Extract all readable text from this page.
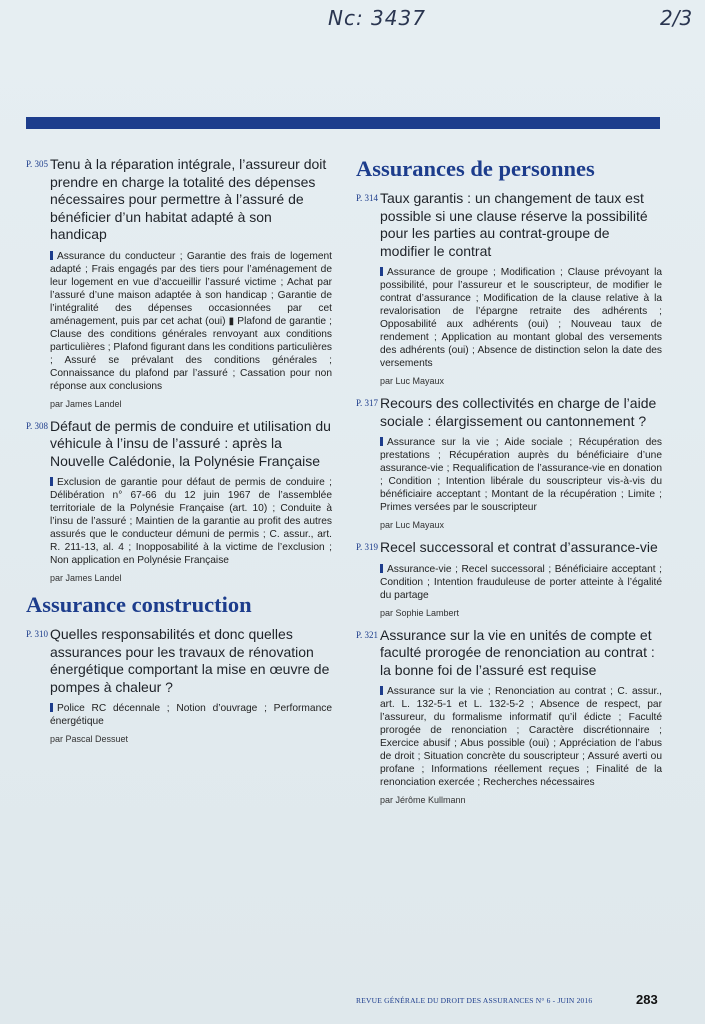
Nc: 3437	2/3
P. 305 Tenu à la réparation intégrale, l’assureur doit prendre en charge la totalité des dépenses nécessaires pour permettre à l’assuré de bénéficier d’un habitat adapté à son handicap
Assurance du conducteur ; Garantie des frais de logement adapté ; Frais engagés par des tiers pour l’aménagement de leur logement en vue d’accueillir l’assuré victime ; Achat par l’assuré d’une maison adaptée à son handicap ; Garantie de l’intégralité des dépenses occasionnées par cet aménagement, puis par cet achat (oui) ▮ Plafond de garantie ; Clause des conditions générales renvoyant aux conditions particulières ; Plafond figurant dans les conditions particulières ; Assuré se prévalant des conditions générales ; Connaissance du plafond par l’assuré ; Cassation pour non réponse aux conclusions
par James Landel
P. 308 Défaut de permis de conduire et utilisation du véhicule à l’insu de l’assuré : après la Nouvelle Calédonie, la Polynésie Française
Exclusion de garantie pour défaut de permis de conduire ; Délibération n° 67-66 du 12 juin 1967 de l’assemblée territoriale de la Polynésie Française (art. 10) ; Conduite à l’insu de l’assuré ; Maintien de la garantie au profit des autres assurés que le conducteur démuni de permis ; C. assur., art. R. 211-13, al. 4 ; Inopposabilité à la victime de l’exclusion ; Non application en Polynésie Française
par James Landel
Assurance construction
P. 310 Quelles responsabilités et donc quelles assurances pour les travaux de rénovation énergétique comportant la mise en œuvre de pompes à chaleur ?
Police RC décennale ; Notion d’ouvrage ; Performance énergétique
par Pascal Dessuet
Assurances de personnes
P. 314 Taux garantis : un changement de taux est possible si une clause réserve la possibilité pour les parties au contrat-groupe de modifier le contrat
Assurance de groupe ; Modification ; Clause prévoyant la possibilité, pour l’assureur et le souscripteur, de modifier le contrat d’assurance ; Modification de la clause relative à la revalorisation de l’épargne retraite des adhérents ; Opposabilité aux adhérents (oui) ; Nouveau taux de rendement ; Application au montant global des versements des adhérents (oui) ; Absence de distinction selon la date des versements
par Luc Mayaux
P. 317 Recours des collectivités en charge de l’aide sociale : élargissement ou cantonnement ?
Assurance sur la vie ; Aide sociale ; Récupération des prestations ; Récupération auprès du bénéficiaire d’une assurance-vie ; Requalification de l’assurance-vie en donation ; Condition ; Intention libérale du souscripteur vis-à-vis du bénéficiaire acceptant ; Montant de la récupération ; Limite ; Primes versées par le souscripteur
par Luc Mayaux
P. 319 Recel successoral et contrat d’assurance-vie
Assurance-vie ; Recel successoral ; Bénéficiaire acceptant ; Condition ; Intention frauduleuse de porter atteinte à l’égalité du partage
par Sophie Lambert
P. 321 Assurance sur la vie en unités de compte et faculté prorogée de renonciation au contrat : la bonne foi de l’assuré est requise
Assurance sur la vie ; Renonciation au contrat ; C. assur., art. L. 132-5-1 et L. 132-5-2 ; Absence de respect, par l’assureur, du formalisme informatif qu’il édicte ; Faculté prorogée de renonciation ; Caractère discrétionnaire ; Exercice abusif ; Abus possible (oui) ; Appréciation de l’abus de droit ; Situation concrète du souscripteur ; Assuré averti ou profane ; Informations réellement reçues ; Finalité de la renonciation exercée ; Recherches nécessaires
par Jérôme Kullmann
REVUE GÉNÉRALE DU DROIT DES ASSURANCES N° 6 - JUIN 2016	283
